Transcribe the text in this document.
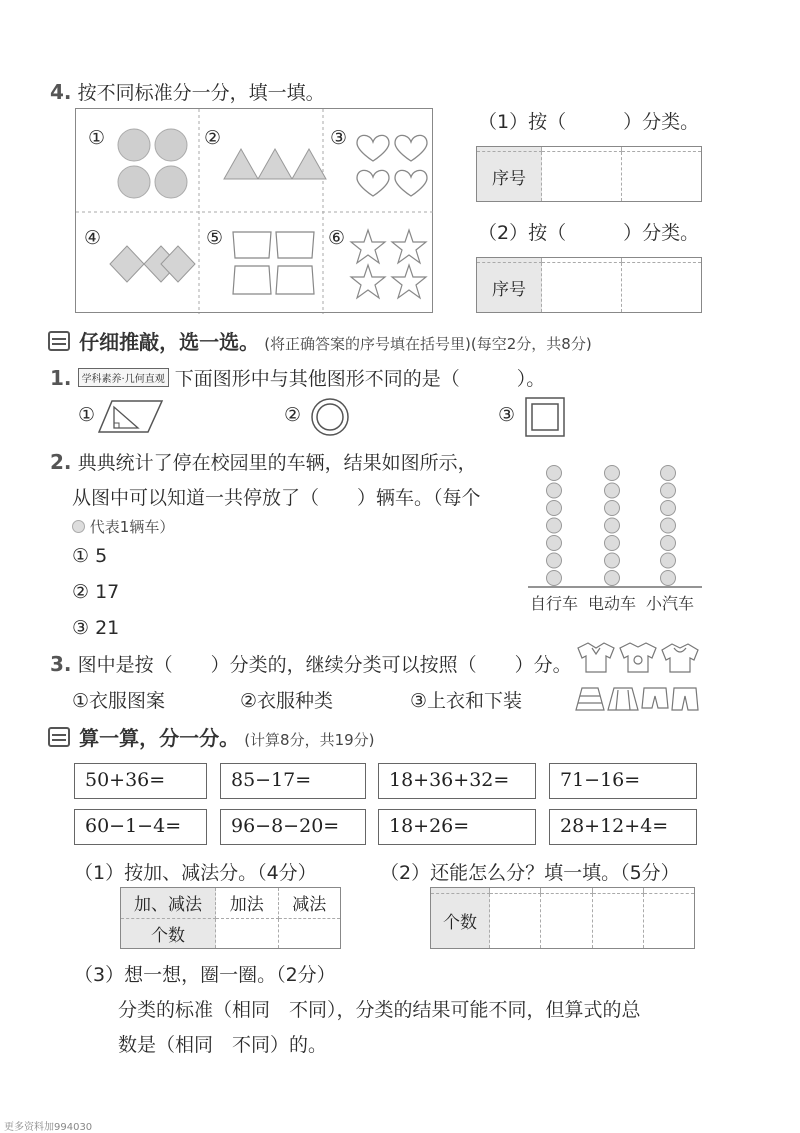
4. 按不同标准分一分，填一填。
①	②	③
④	⑤	⑥
（1）按（　　　）分类。

序号		
（2）按（　　　）分类。

序号		
仔细推敲，选一选。 (将正确答案的序号填在括号里)(每空2分，共8分)
1. 学科素养·几何直观 下面图形中与其他图形不同的是（　　　）。
①	②	③
2. 典典统计了停在校园里的车辆，结果如图所示，
从图中可以知道一共停放了（　　）辆车。（每个
代表1辆车）
① 5
② 17
③ 21
自行车 电动车 小汽车
3. 图中是按（　　）分类的，继续分类可以按照（　　）分。
①衣服图案	②衣服种类	③上衣和下装
算一算，分一分。 (计算8分，共19分)
50+36=	85−17=	18+36+32=	71−16=
60−1−4=	96−8−20=	18+26=	28+12+4=
（1）按加、减法分。（4分）	（2）还能怎么分？填一填。（5分）
加、减法	加法	减法
个数		

个数				
（3）想一想，圈一圈。（2分）
分类的标准（相同　不同），分类的结果可能不同，但算式的总
数是（相同　不同）的。
更多资料加994030
